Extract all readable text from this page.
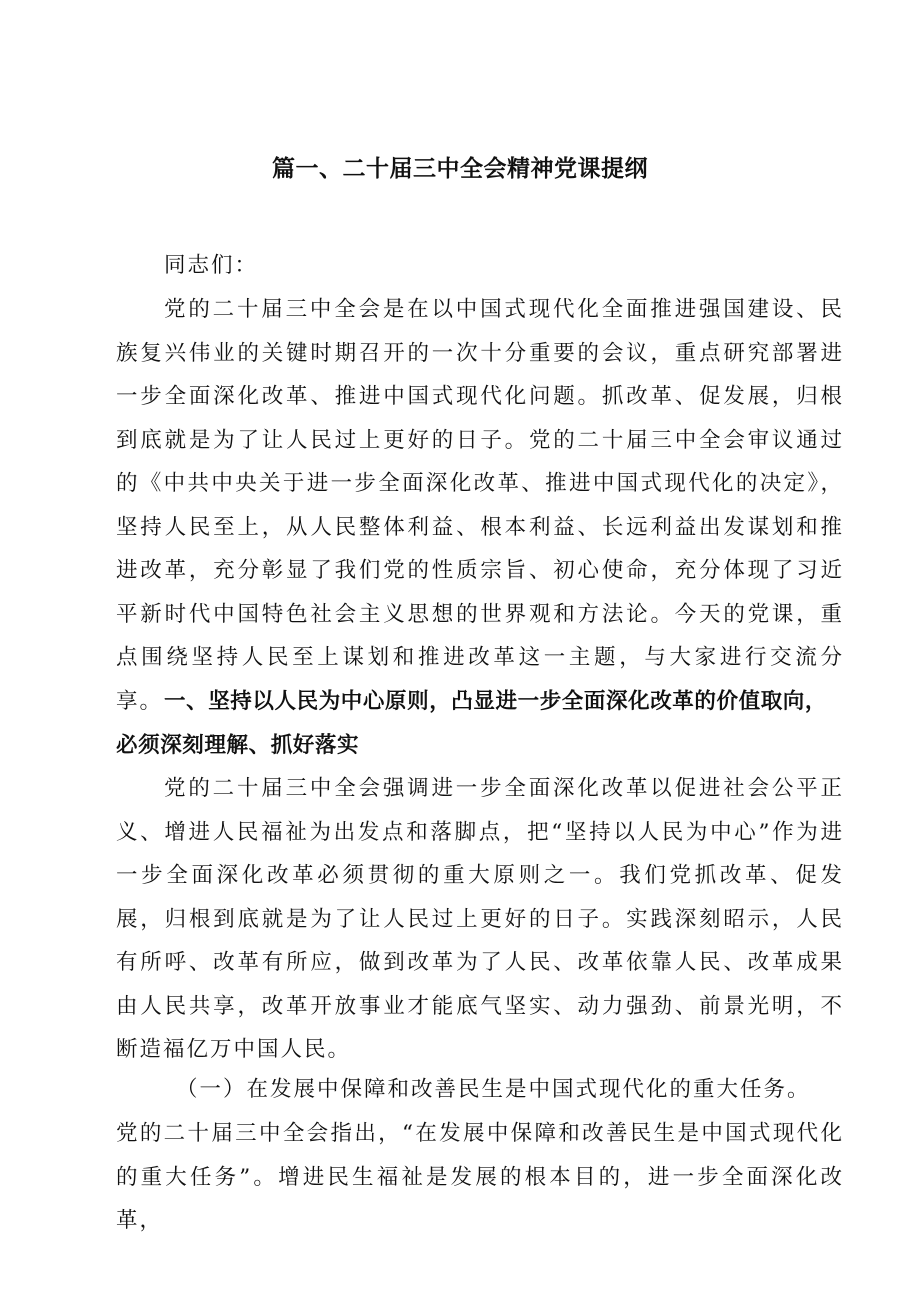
篇一、二十届三中全会精神党课提纲

同志们：

党的二十届三中全会是在以中国式现代化全面推进强国建设、民族复兴伟业的关键时期召开的一次十分重要的会议，重点研究部署进一步全面深化改革、推进中国式现代化问题。抓改革、促发展，归根到底就是为了让人民过上更好的日子。党的二十届三中全会审议通过的《中共中央关于进一步全面深化改革、推进中国式现代化的决定》，坚持人民至上，从人民整体利益、根本利益、长远利益出发谋划和推进改革，充分彰显了我们党的性质宗旨、初心使命，充分体现了习近平新时代中国特色社会主义思想的世界观和方法论。今天的党课，重点围绕坚持人民至上谋划和推进改革这一主题，与大家进行交流分享。 一、坚持以人民为中心原则，凸显进一步全面深化改革的价值取向，必须深刻理解、抓好落实

党的二十届三中全会强调进一步全面深化改革以促进社会公平正义、增进人民福祉为出发点和落脚点，把“坚持以人民为中心”作为进一步全面深化改革必须贯彻的重大原则之一。我们党抓改革、促发展，归根到底就是为了让人民过上更好的日子。实践深刻昭示，人民有所呼、改革有所应，做到改革为了人民、改革依靠人民、改革成果由人民共享，改革开放事业才能底气坚实、动力强劲、前景光明，不断造福亿万中国人民。

（一）在发展中保障和改善民生是中国式现代化的重大任务。

党的二十届三中全会指出，“在发展中保障和改善民生是中国式现代化的重大任务”。增进民生福祉是发展的根本目的，进一步全面深化改革，
